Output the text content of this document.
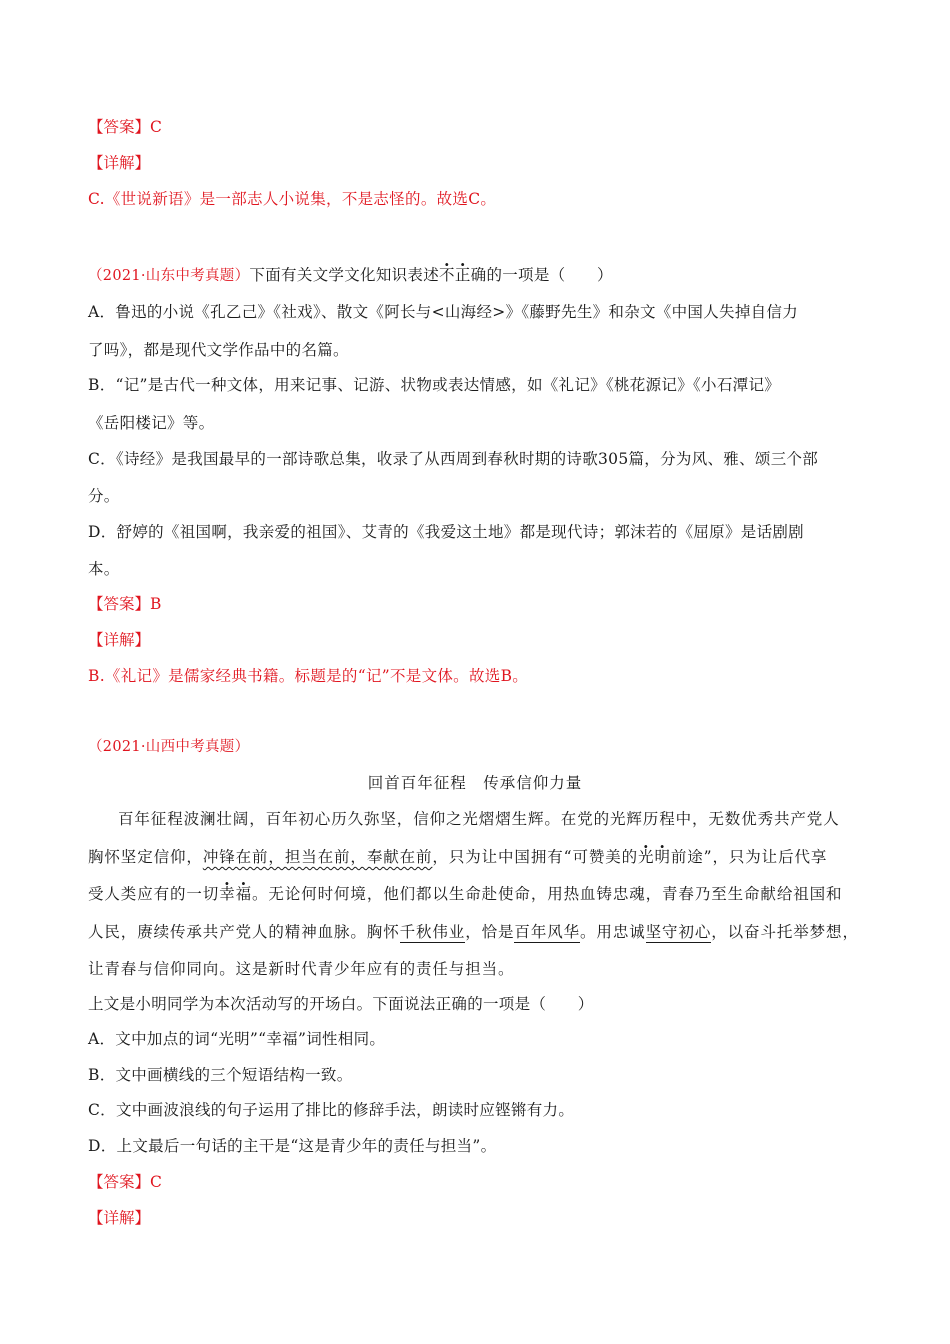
【答案】C
【详解】
C.《世说新语》是一部志人小说集，不是志怪的。故选C。
（2021·山东中考真题）下面有关文学文化知识表述不正确的一项是（　　）
A．鲁迅的小说《孔乙己》《社戏》、散文《阿长与<山海经>》《藤野先生》和杂文《中国人失掉自信力
了吗》，都是现代文学作品中的名篇。
B．“记”是古代一种文体，用来记事、记游、状物或表达情感，如《礼记》《桃花源记》《小石潭记》
《岳阳楼记》等。
C．《诗经》是我国最早的一部诗歌总集，收录了从西周到春秋时期的诗歌305篇，分为风、雅、颂三个部
分。
D．舒婷的《祖国啊，我亲爱的祖国》、艾青的《我爱这土地》都是现代诗；郭沫若的《屈原》是话剧剧
本。
【答案】B
【详解】
B.《礼记》是儒家经典书籍。标题是的“记”不是文体。故选B。
（2021·山西中考真题）
回首百年征程　传承信仰力量
百年征程波澜壮阔，百年初心历久弥坚，信仰之光熠熠生辉。在党的光辉历程中，无数优秀共产党人
胸怀坚定信仰，冲锋在前，担当在前，奉献在前，只为让中国拥有“可赞美的光明前途”，只为让后代享
受人类应有的一切幸福。无论何时何境，他们都以生命赴使命，用热血铸忠魂，青春乃至生命献给祖国和
人民，赓续传承共产党人的精神血脉。胸怀千秋伟业，恰是百年风华。用忠诚坚守初心，以奋斗托举梦想，
让青春与信仰同向。这是新时代青少年应有的责任与担当。
上文是小明同学为本次活动写的开场白。下面说法正确的一项是（　　）
A．文中加点的词“光明”“幸福”词性相同。
B．文中画横线的三个短语结构一致。
C．文中画波浪线的句子运用了排比的修辞手法，朗读时应铿锵有力。
D．上文最后一句话的主干是“这是青少年的责任与担当”。
【答案】C
【详解】
